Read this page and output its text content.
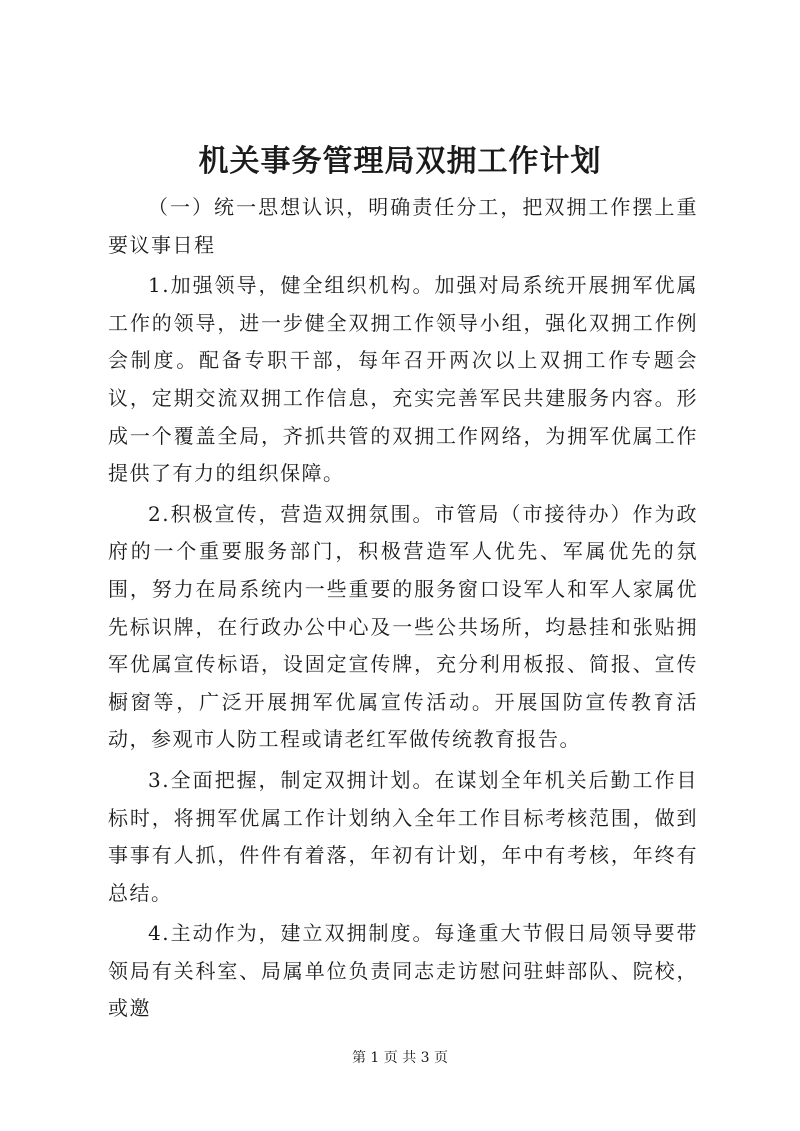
机关事务管理局双拥工作计划

（一）统一思想认识，明确责任分工，把双拥工作摆上重要议事日程

1.加强领导，健全组织机构。加强对局系统开展拥军优属工作的领导，进一步健全双拥工作领导小组，强化双拥工作例会制度。配备专职干部，每年召开两次以上双拥工作专题会议，定期交流双拥工作信息，充实完善军民共建服务内容。形成一个覆盖全局，齐抓共管的双拥工作网络，为拥军优属工作提供了有力的组织保障。

2.积极宣传，营造双拥氛围。市管局（市接待办）作为政府的一个重要服务部门，积极营造军人优先、军属优先的氛围，努力在局系统内一些重要的服务窗口设军人和军人家属优先标识牌，在行政办公中心及一些公共场所，均悬挂和张贴拥军优属宣传标语，设固定宣传牌，充分利用板报、简报、宣传橱窗等，广泛开展拥军优属宣传活动。开展国防宣传教育活动，参观市人防工程或请老红军做传统教育报告。

3.全面把握，制定双拥计划。在谋划全年机关后勤工作目标时，将拥军优属工作计划纳入全年工作目标考核范围，做到事事有人抓，件件有着落，年初有计划，年中有考核，年终有总结。

4.主动作为，建立双拥制度。每逢重大节假日局领导要带领局有关科室、局属单位负责同志走访慰问驻蚌部队、院校，或邀

第 1 页 共 3 页
